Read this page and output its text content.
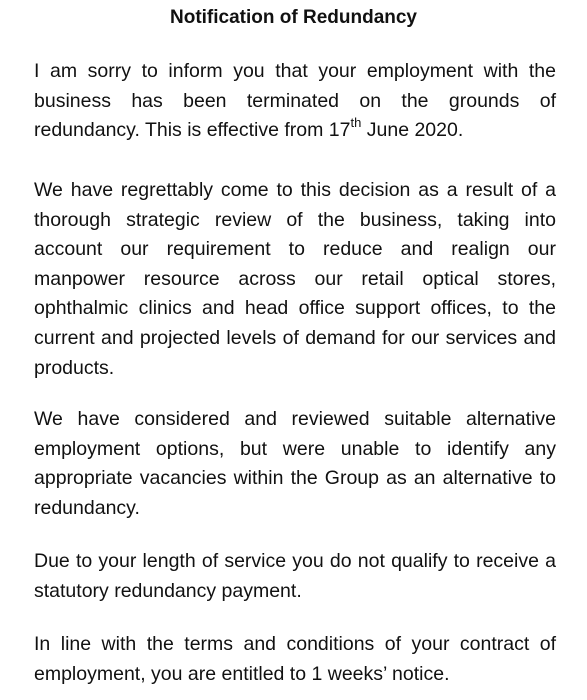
Notification of Redundancy

I am sorry to inform you that your employment with the business has been terminated on the grounds of redundancy. This is effective from 17th June 2020.

We have regrettably come to this decision as a result of a thorough strategic review of the business, taking into account our requirement to reduce and realign our manpower resource across our retail optical stores, ophthalmic clinics and head office support offices, to the current and projected levels of demand for our services and products.

We have considered and reviewed suitable alternative employment options, but were unable to identify any appropriate vacancies within the Group as an alternative to redundancy.

Due to your length of service you do not qualify to receive a statutory redundancy payment.

In line with the terms and conditions of your contract of employment, you are entitled to 1 weeks’ notice.
